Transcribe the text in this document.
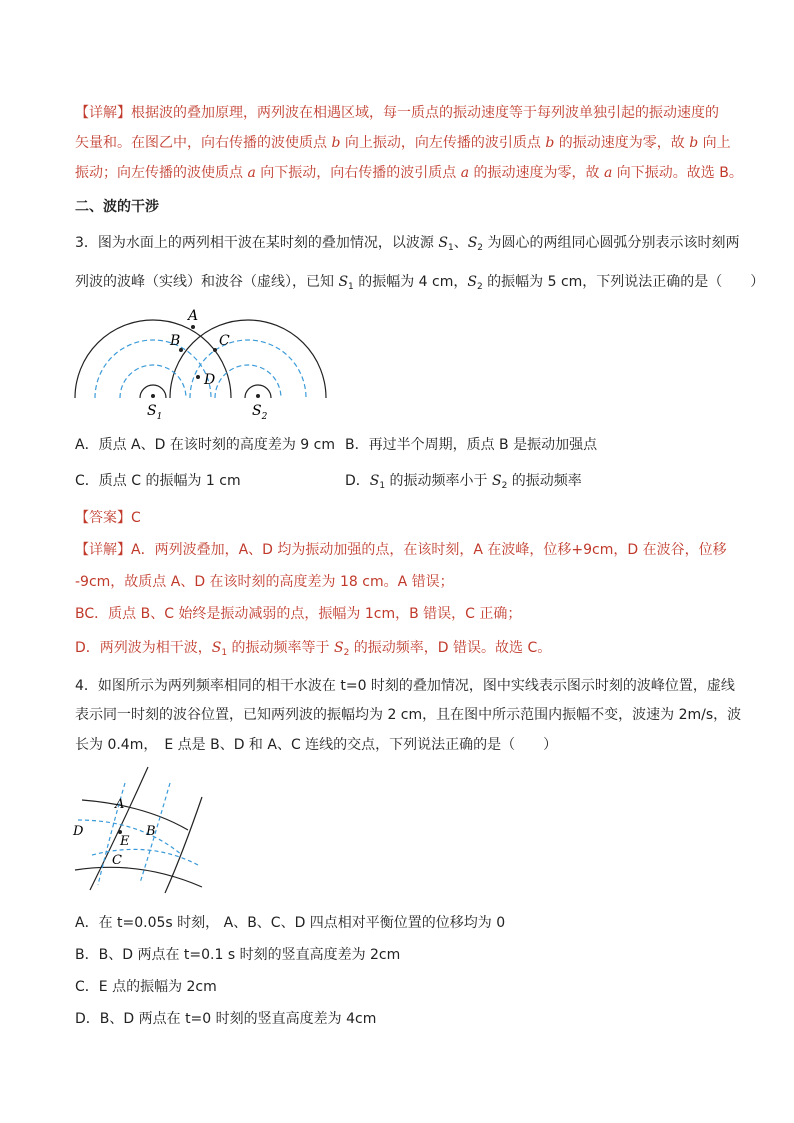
【详解】根据波的叠加原理，两列波在相遇区域，每一质点的振动速度等于每列波单独引起的振动速度的
矢量和。在图乙中，向右传播的波使质点 b 向上振动，向左传播的波引质点 b 的振动速度为零，故 b 向上
振动；向左传播的波使质点 a 向下振动，向右传播的波引质点 a 的振动速度为零，故 a 向下振动。故选 B。
二、波的干涉
3．图为水面上的两列相干波在某时刻的叠加情况，以波源 $S_1$、$S_2$ 为圆心的两组同心圆弧分别表示该时刻两
列波的波峰（实线）和波谷（虚线），已知 $S_1$ 的振幅为 4 cm，$S_2$ 的振幅为 5 cm，下列说法正确的是（　　）
A
B	C
D
$S_1$	$S_2$
A．质点 A、D 在该时刻的高度差为 9 cm B．再过半个周期，质点 B 是振动加强点
C．质点 C 的振幅为 1 cm	D．$S_1$ 的振动频率小于 $S_2$ 的振动频率
【答案】C
【详解】A．两列波叠加，A、D 均为振动加强的点，在该时刻，A 在波峰，位移+9cm，D 在波谷，位移
-9cm，故质点 A、D 在该时刻的高度差为 18 cm。A 错误；
BC．质点 B、C 始终是振动减弱的点，振幅为 1cm，B 错误，C 正确；
D．两列波为相干波，$S_1$ 的振动频率等于 $S_2$ 的振动频率，D 错误。故选 C。
4．如图所示为两列频率相同的相干水波在 t=0 时刻的叠加情况，图中实线表示图示时刻的波峰位置，虚线
表示同一时刻的波谷位置，已知两列波的振幅均为 2 cm，且在图中所示范围内振幅不变，波速为 2m/s，波
长为 0.4m，　E 点是 B、D 和 A、C 连线的交点，下列说法正确的是（　　）
A
B
C
D
E
A．在 t=0.05s 时刻， A、B、C、D 四点相对平衡位置的位移均为 0
B．B、D 两点在 t=0.1 s 时刻的竖直高度差为 2cm
C．E 点的振幅为 2cm
D．B、D 两点在 t=0 时刻的竖直高度差为 4cm
